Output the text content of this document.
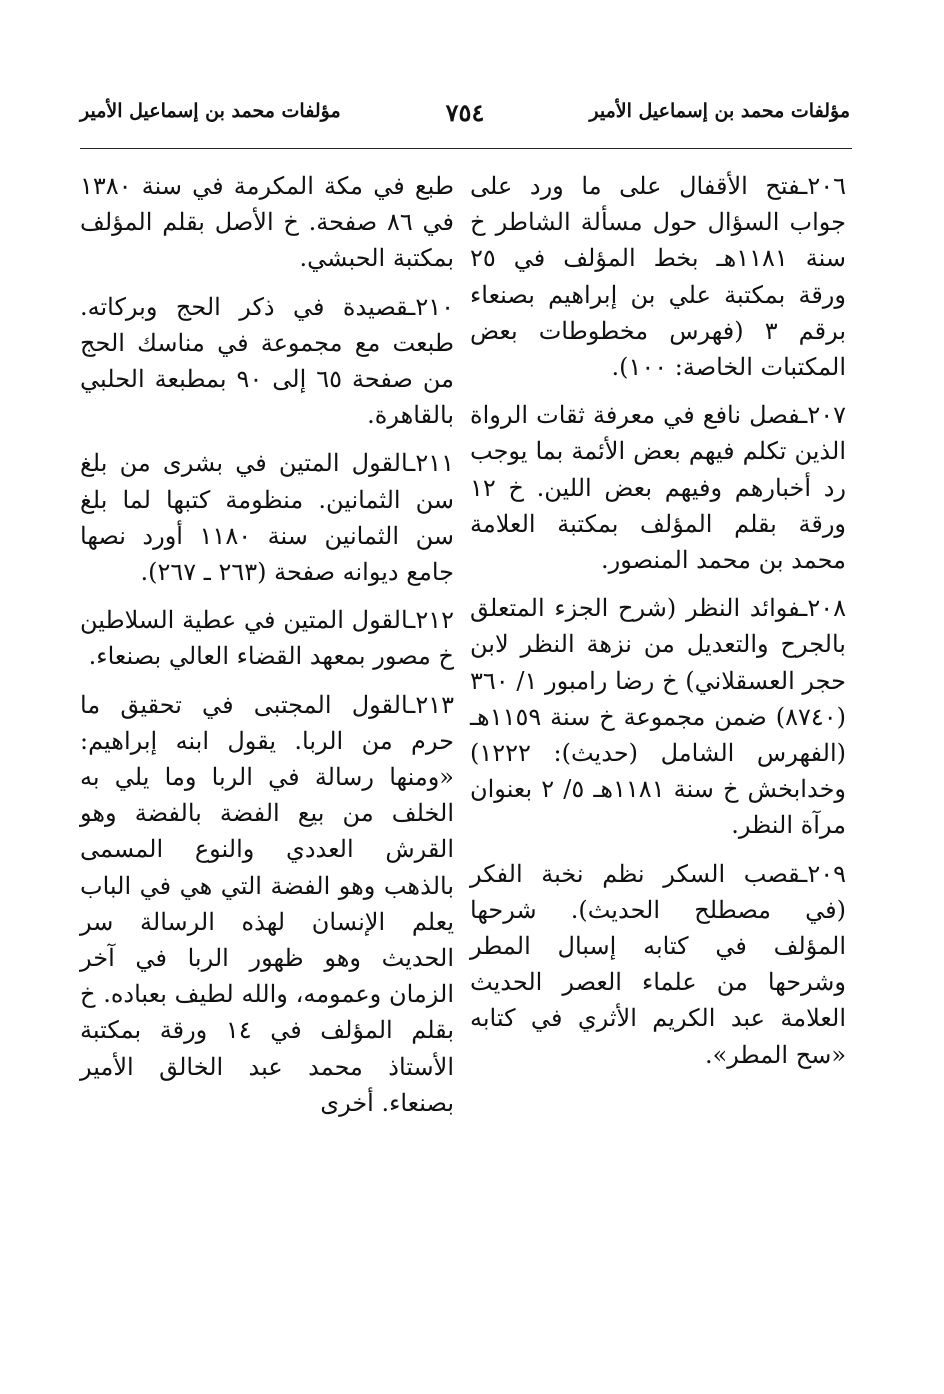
مؤلفات محمد بن إسماعيل الأمير
٧٥٤
مؤلفات محمد بن إسماعيل الأمير
٢٠٦ـفتح الأقفال على ما ورد على جواب السؤال حول مسألة الشاطر خ سنة ١١٨١هـ بخط المؤلف في ٢٥ ورقة بمكتبة علي بن إبراهيم بصنعاء برقم ٣ (فهرس مخطوطات بعض المكتبات الخاصة: ١٠٠).
٢٠٧ـفصل نافع في معرفة ثقات الرواة الذين تكلم فيهم بعض الأئمة بما يوجب رد أخبارهم وفيهم بعض اللين. خ ١٢ ورقة بقلم المؤلف بمكتبة العلامة محمد بن محمد المنصور.
٢٠٨ـفوائد النظر (شرح الجزء المتعلق بالجرح والتعديل من نزهة النظر لابن حجر العسقلاني) خ رضا رامبور ١/ ٣٦٠ (٨٧٤٠) ضمن مجموعة خ سنة ١١٥٩هـ (الفهرس الشامل (حديث): ١٢٢٢) وخدابخش خ سنة ١١٨١هـ ٥/ ٢ بعنوان مرآة النظر.
٢٠٩ـقصب السكر نظم نخبة الفكر (في مصطلح الحديث). شرحها المؤلف في كتابه إسبال المطر وشرحها من علماء العصر الحديث العلامة عبد الكريم الأثري في كتابه «سح المطر».
طبع في مكة المكرمة في سنة ١٣٨٠ في ٨٦ صفحة. خ الأصل بقلم المؤلف بمكتبة الحبشي.
٢١٠ـقصيدة في ذكر الحج وبركاته. طبعت مع مجموعة في مناسك الحج من صفحة ٦٥ إلى ٩٠ بمطبعة الحلبي بالقاهرة.
٢١١ـالقول المتين في بشرى من بلغ سن الثمانين. منظومة كتبها لما بلغ سن الثمانين سنة ١١٨٠ أورد نصها جامع ديوانه صفحة (٢٦٣ ـ ٢٦٧).
٢١٢ـالقول المتين في عطية السلاطين خ مصور بمعهد القضاء العالي بصنعاء.
٢١٣ـالقول المجتبى في تحقيق ما حرم من الربا. يقول ابنه إبراهيم: «ومنها رسالة في الربا وما يلي به الخلف من بيع الفضة بالفضة وهو القرش العددي والنوع المسمى بالذهب وهو الفضة التي هي في الباب يعلم الإنسان لهذه الرسالة سر الحديث وهو ظهور الربا في آخر الزمان وعمومه، والله لطيف بعباده. خ بقلم المؤلف في ١٤ ورقة بمكتبة الأستاذ محمد عبد الخالق الأمير بصنعاء. أخرى
